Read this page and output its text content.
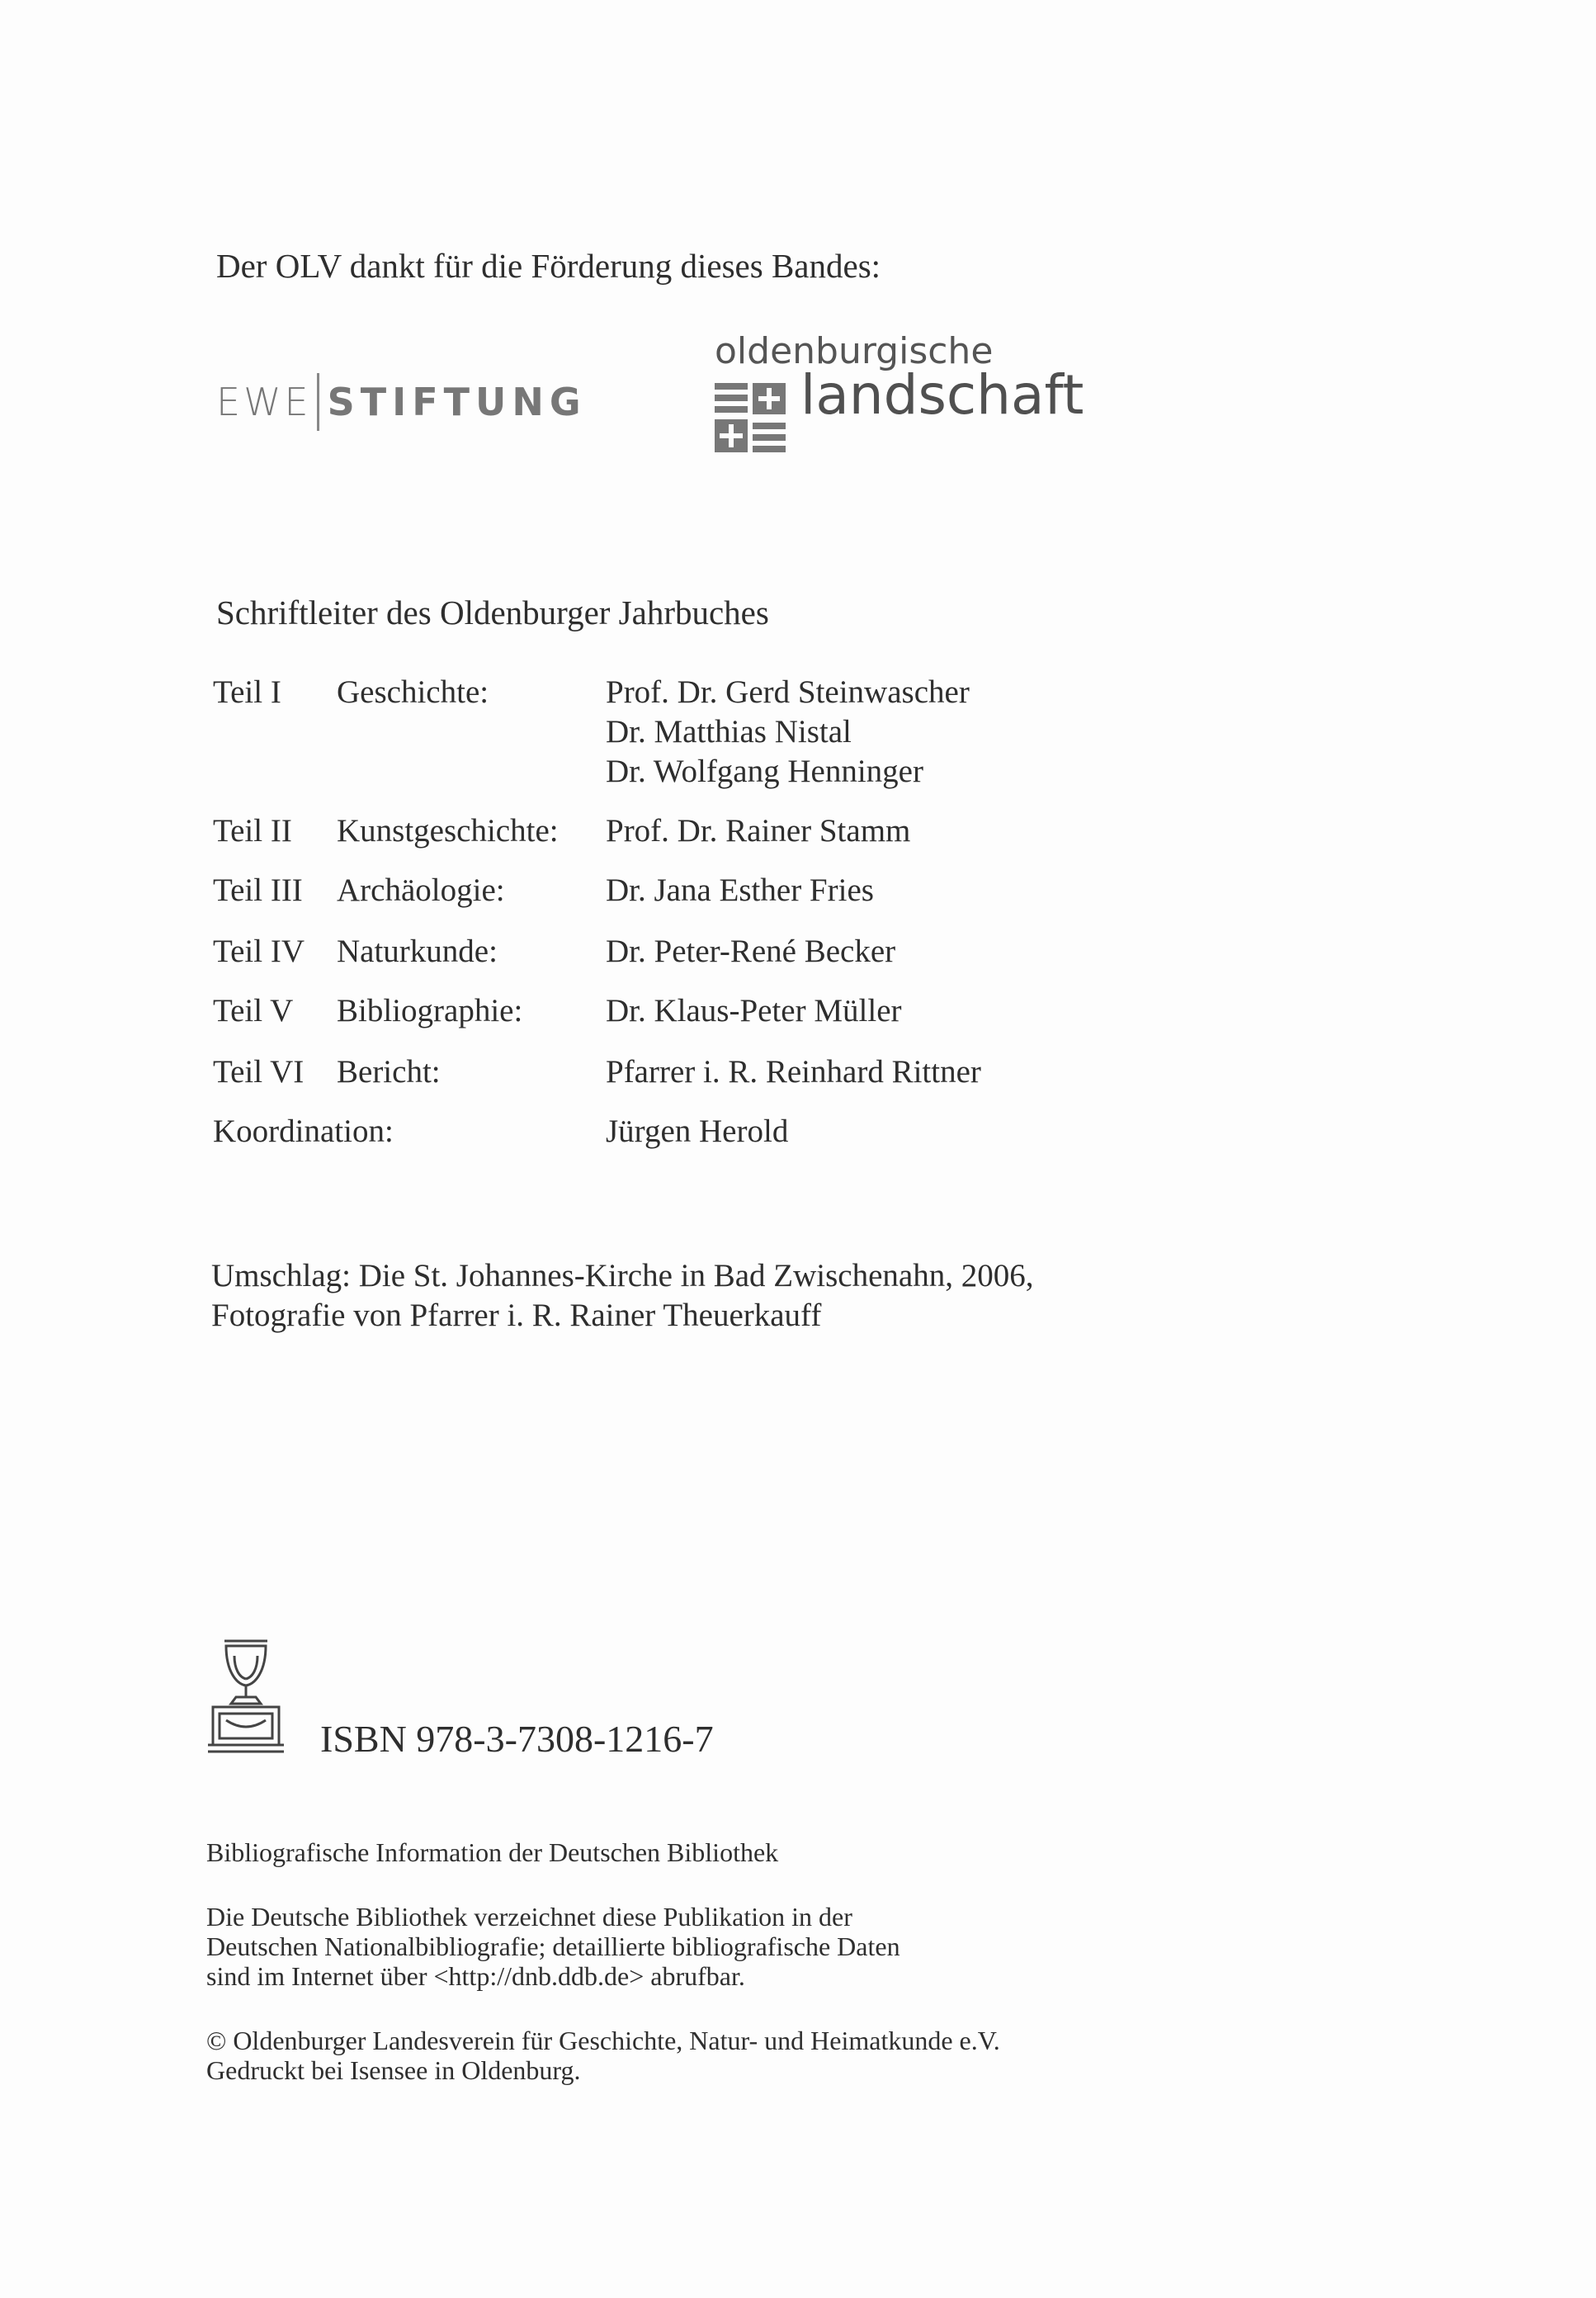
Der OLV dankt für die Förderung dieses Bandes:
EWE STIFTUNG
oldenburgische
landschaft
Schriftleiter des Oldenburger Jahrbuches
Teil I Geschichte:	Prof. Dr. Gerd Steinwascher
Dr. Matthias Nistal
Dr. Wolfgang Henninger
Teil II Kunstgeschichte: Prof. Dr. Rainer Stamm
Teil III Archäologie:	Dr. Jana Esther Fries
Teil IV Naturkunde:	Dr. Peter-René Becker
Teil V Bibliographie:	Dr. Klaus-Peter Müller
Teil VI Bericht:	Pfarrer i. R. Reinhard Rittner
Koordination:	Jürgen Herold
Umschlag: Die St. Johannes-Kirche in Bad Zwischenahn, 2006,
Fotografie von Pfarrer i. R. Rainer Theuerkauff
ISBN 978-3-7308-1216-7
Bibliografische Information der Deutschen Bibliothek
Die Deutsche Bibliothek verzeichnet diese Publikation in der
Deutschen Nationalbibliografie; detaillierte bibliografische Daten
sind im Internet über <http://dnb.ddb.de> abrufbar.
© Oldenburger Landesverein für Geschichte, Natur- und Heimatkunde e.V.
Gedruckt bei Isensee in Oldenburg.
